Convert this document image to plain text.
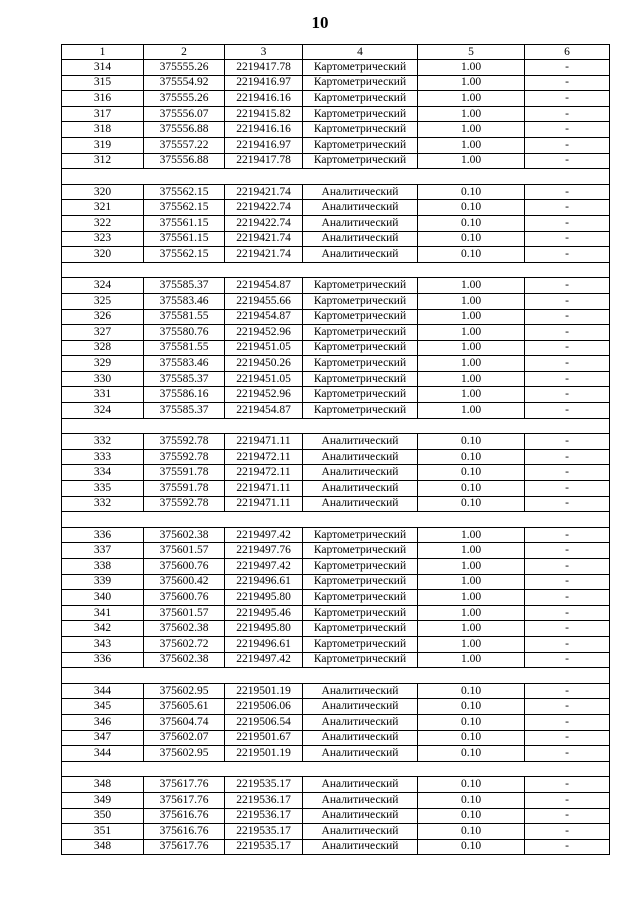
10
1	2	3	4	5	6
314	375555.26	2219417.78	Картометрический	1.00	-
315	375554.92	2219416.97	Картометрический	1.00	-
316	375555.26	2219416.16	Картометрический	1.00	-
317	375556.07	2219415.82	Картометрический	1.00	-
318	375556.88	2219416.16	Картометрический	1.00	-
319	375557.22	2219416.97	Картометрический	1.00	-
312	375556.88	2219417.78	Картометрический	1.00	-

320	375562.15	2219421.74	Аналитический	0.10	-
321	375562.15	2219422.74	Аналитический	0.10	-
322	375561.15	2219422.74	Аналитический	0.10	-
323	375561.15	2219421.74	Аналитический	0.10	-
320	375562.15	2219421.74	Аналитический	0.10	-

324	375585.37	2219454.87	Картометрический	1.00	-
325	375583.46	2219455.66	Картометрический	1.00	-
326	375581.55	2219454.87	Картометрический	1.00	-
327	375580.76	2219452.96	Картометрический	1.00	-
328	375581.55	2219451.05	Картометрический	1.00	-
329	375583.46	2219450.26	Картометрический	1.00	-
330	375585.37	2219451.05	Картометрический	1.00	-
331	375586.16	2219452.96	Картометрический	1.00	-
324	375585.37	2219454.87	Картометрический	1.00	-

332	375592.78	2219471.11	Аналитический	0.10	-
333	375592.78	2219472.11	Аналитический	0.10	-
334	375591.78	2219472.11	Аналитический	0.10	-
335	375591.78	2219471.11	Аналитический	0.10	-
332	375592.78	2219471.11	Аналитический	0.10	-

336	375602.38	2219497.42	Картометрический	1.00	-
337	375601.57	2219497.76	Картометрический	1.00	-
338	375600.76	2219497.42	Картометрический	1.00	-
339	375600.42	2219496.61	Картометрический	1.00	-
340	375600.76	2219495.80	Картометрический	1.00	-
341	375601.57	2219495.46	Картометрический	1.00	-
342	375602.38	2219495.80	Картометрический	1.00	-
343	375602.72	2219496.61	Картометрический	1.00	-
336	375602.38	2219497.42	Картометрический	1.00	-

344	375602.95	2219501.19	Аналитический	0.10	-
345	375605.61	2219506.06	Аналитический	0.10	-
346	375604.74	2219506.54	Аналитический	0.10	-
347	375602.07	2219501.67	Аналитический	0.10	-
344	375602.95	2219501.19	Аналитический	0.10	-

348	375617.76	2219535.17	Аналитический	0.10	-
349	375617.76	2219536.17	Аналитический	0.10	-
350	375616.76	2219536.17	Аналитический	0.10	-
351	375616.76	2219535.17	Аналитический	0.10	-
348	375617.76	2219535.17	Аналитический	0.10	-
